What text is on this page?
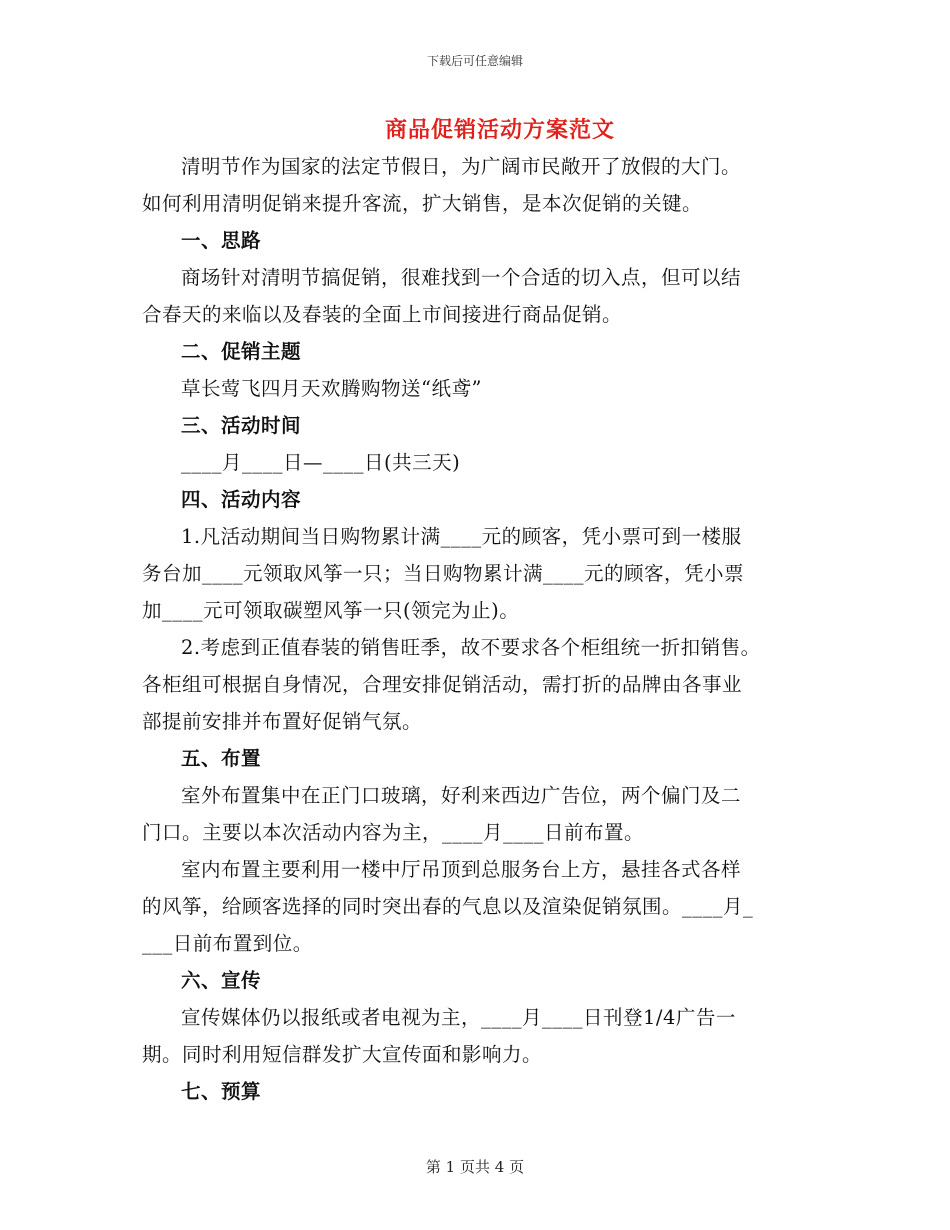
下载后可任意编辑
商品促销活动方案范文

清明节作为国家的法定节假日，为广阔市民敞开了放假的大门。

如何利用清明促销来提升客流，扩大销售，是本次促销的关键。

一、思路

商场针对清明节搞促销，很难找到一个合适的切入点，但可以结

合春天的来临以及春装的全面上市间接进行商品促销。

二、促销主题

草长莺飞四月天欢腾购物送“纸鸢”

三、活动时间

____月____日—____日(共三天)

四、活动内容

1.凡活动期间当日购物累计满____元的顾客，凭小票可到一楼服

务台加____元领取风筝一只；当日购物累计满____元的顾客，凭小票

加____元可领取碳塑风筝一只(领完为止)。

2.考虑到正值春装的销售旺季，故不要求各个柜组统一折扣销售。

各柜组可根据自身情况，合理安排促销活动，需打折的品牌由各事业

部提前安排并布置好促销气氛。

五、布置

室外布置集中在正门口玻璃，好利来西边广告位，两个偏门及二

门口。主要以本次活动内容为主，____月____日前布置。

室内布置主要利用一楼中厅吊顶到总服务台上方，悬挂各式各样

的风筝，给顾客选择的同时突出春的气息以及渲染促销氛围。____月_

___日前布置到位。

六、宣传

宣传媒体仍以报纸或者电视为主，____月____日刊登1/4广告一

期。同时利用短信群发扩大宣传面和影响力。

七、预算

第 1 页共 4 页
